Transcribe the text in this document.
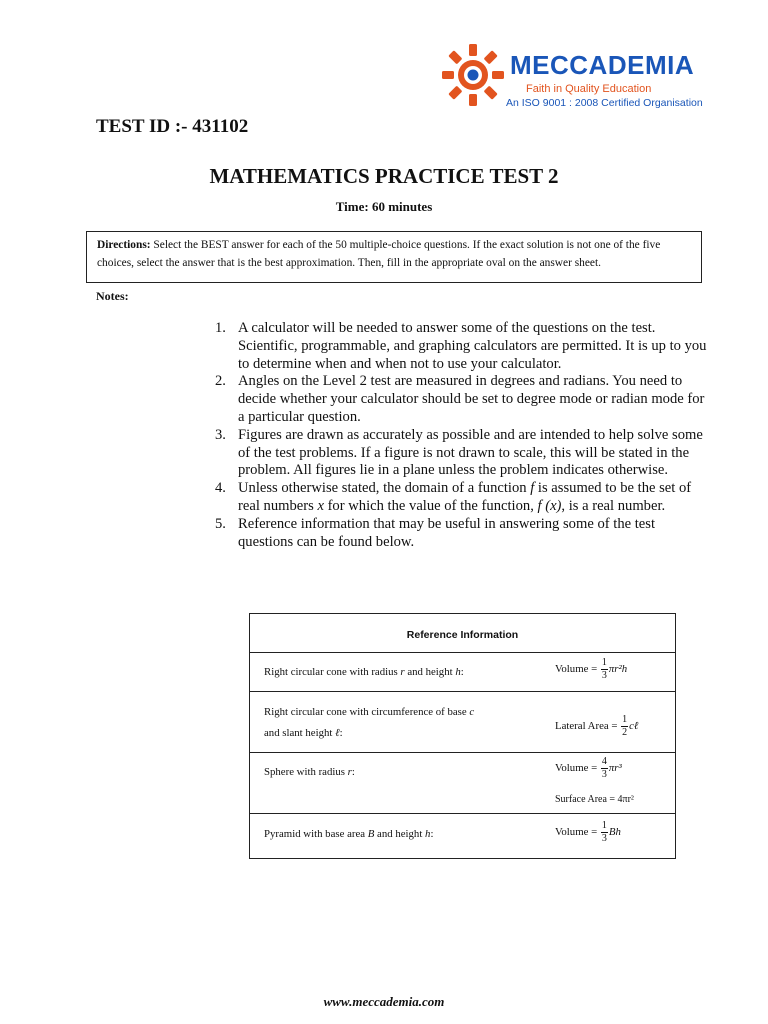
MECCADEMIA
Faith in Quality Education
An ISO 9001 : 2008 Certified Organisation
TEST ID :- 431102
MATHEMATICS PRACTICE TEST 2
Time: 60 minutes
Directions: Select the BEST answer for each of the 50 multiple-choice questions. If the exact solution is not one of the five choices, select the answer that is the best approximation. Then, fill in the appropriate oval on the answer sheet.
Notes:
1. A calculator will be needed to answer some of the questions on the test. Scientific, programmable, and graphing calculators are permitted. It is up to you to determine when and when not to use your calculator.
2. Angles on the Level 2 test are measured in degrees and radians. You need to decide whether your calculator should be set to degree mode or radian mode for a particular question.
3. Figures are drawn as accurately as possible and are intended to help solve some of the test problems. If a figure is not drawn to scale, this will be stated in the problem. All figures lie in a plane unless the problem indicates otherwise.
4. Unless otherwise stated, the domain of a function f is assumed to be the set of real numbers x for which the value of the function, f (x), is a real number.
5. Reference information that may be useful in answering some of the test questions can be found below.
Reference Information
Right circular cone with radius r and height h:	Volume = $\frac{1}{3} \pi r^2h$
Right circular cone with circumference of base c
and slant height ℓ:
Lateral Area = $\frac{1}{2}$ cℓ
Sphere with radius r:	Volume = $\frac{4}{3} \pi r^3$
Surface Area = 4πr²
Pyramid with base area B and height h:	Volume = $\frac{1}{3}$ Bh
www.meccademia.com
